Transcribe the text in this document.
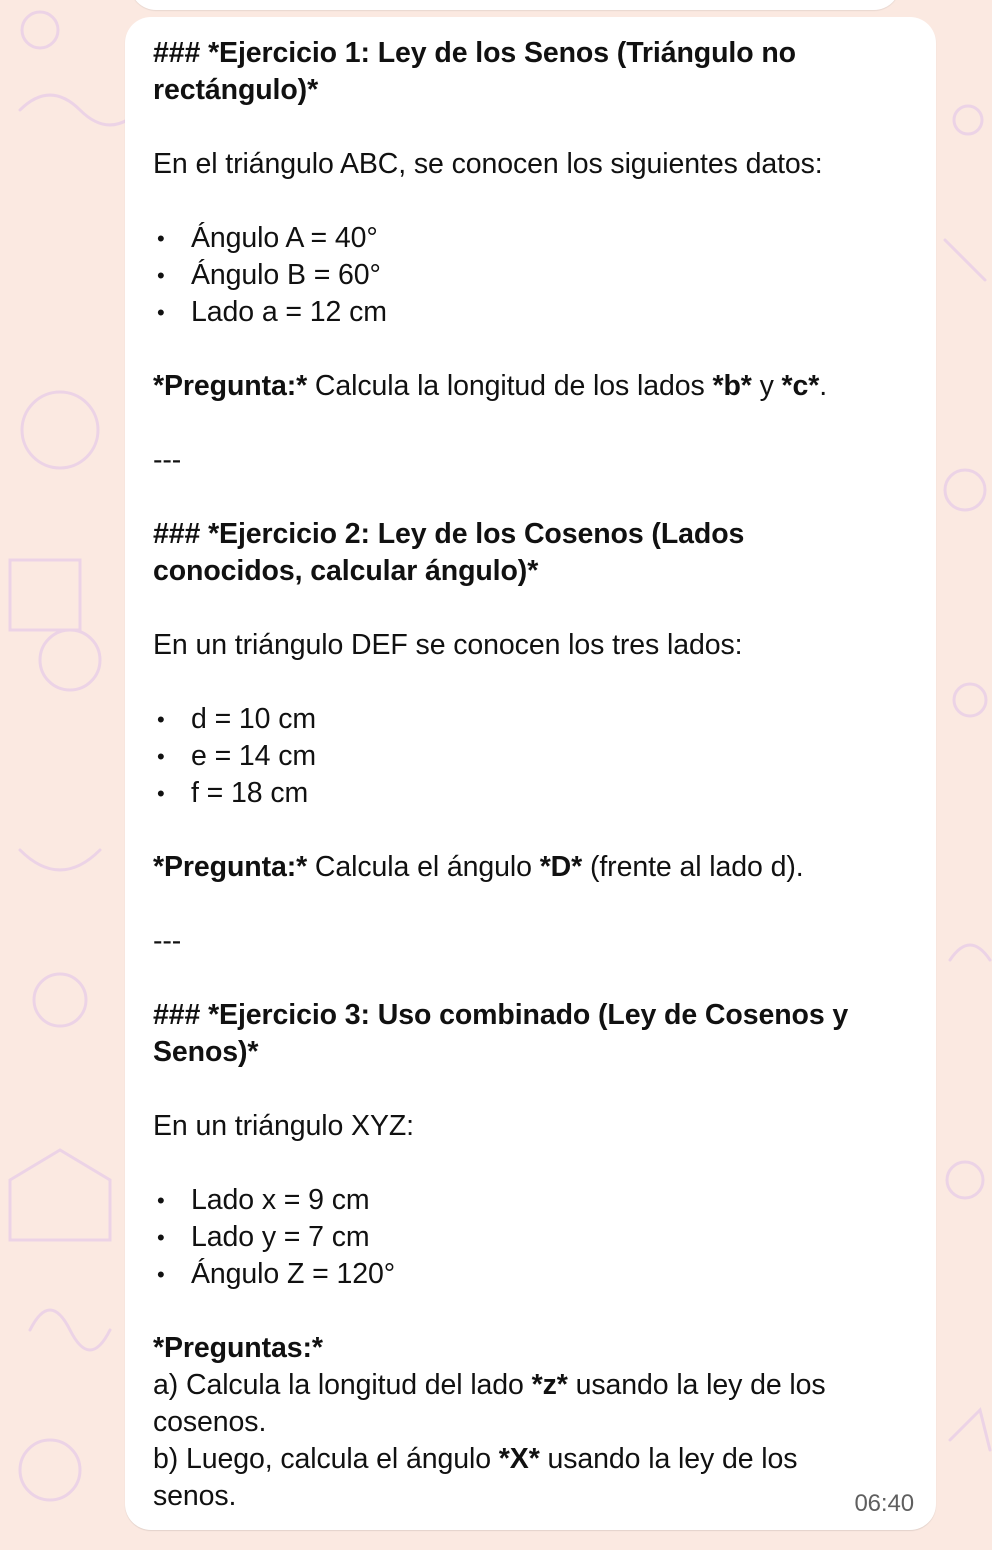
### *Ejercicio 1: Ley de los Senos (Triángulo no
rectángulo)*
En el triángulo ABC, se conocen los siguientes datos:
• Ángulo A = 40°
• Ángulo B = 60°
• Lado a = 12 cm
*Pregunta:* Calcula la longitud de los lados *b* y *c*.
---
### *Ejercicio 2: Ley de los Cosenos (Lados
conocidos, calcular ángulo)*
En un triángulo DEF se conocen los tres lados:
• d = 10 cm
• e = 14 cm
• f = 18 cm
*Pregunta:* Calcula el ángulo *D* (frente al lado d).
---
### *Ejercicio 3: Uso combinado (Ley de Cosenos y
Senos)*
En un triángulo XYZ:
• Lado x = 9 cm
• Lado y = 7 cm
• Ángulo Z = 120°
*Preguntas:*
a) Calcula la longitud del lado *z* usando la ley de los
cosenos.
b) Luego, calcula el ángulo *X* usando la ley de los
senos.	06:40
